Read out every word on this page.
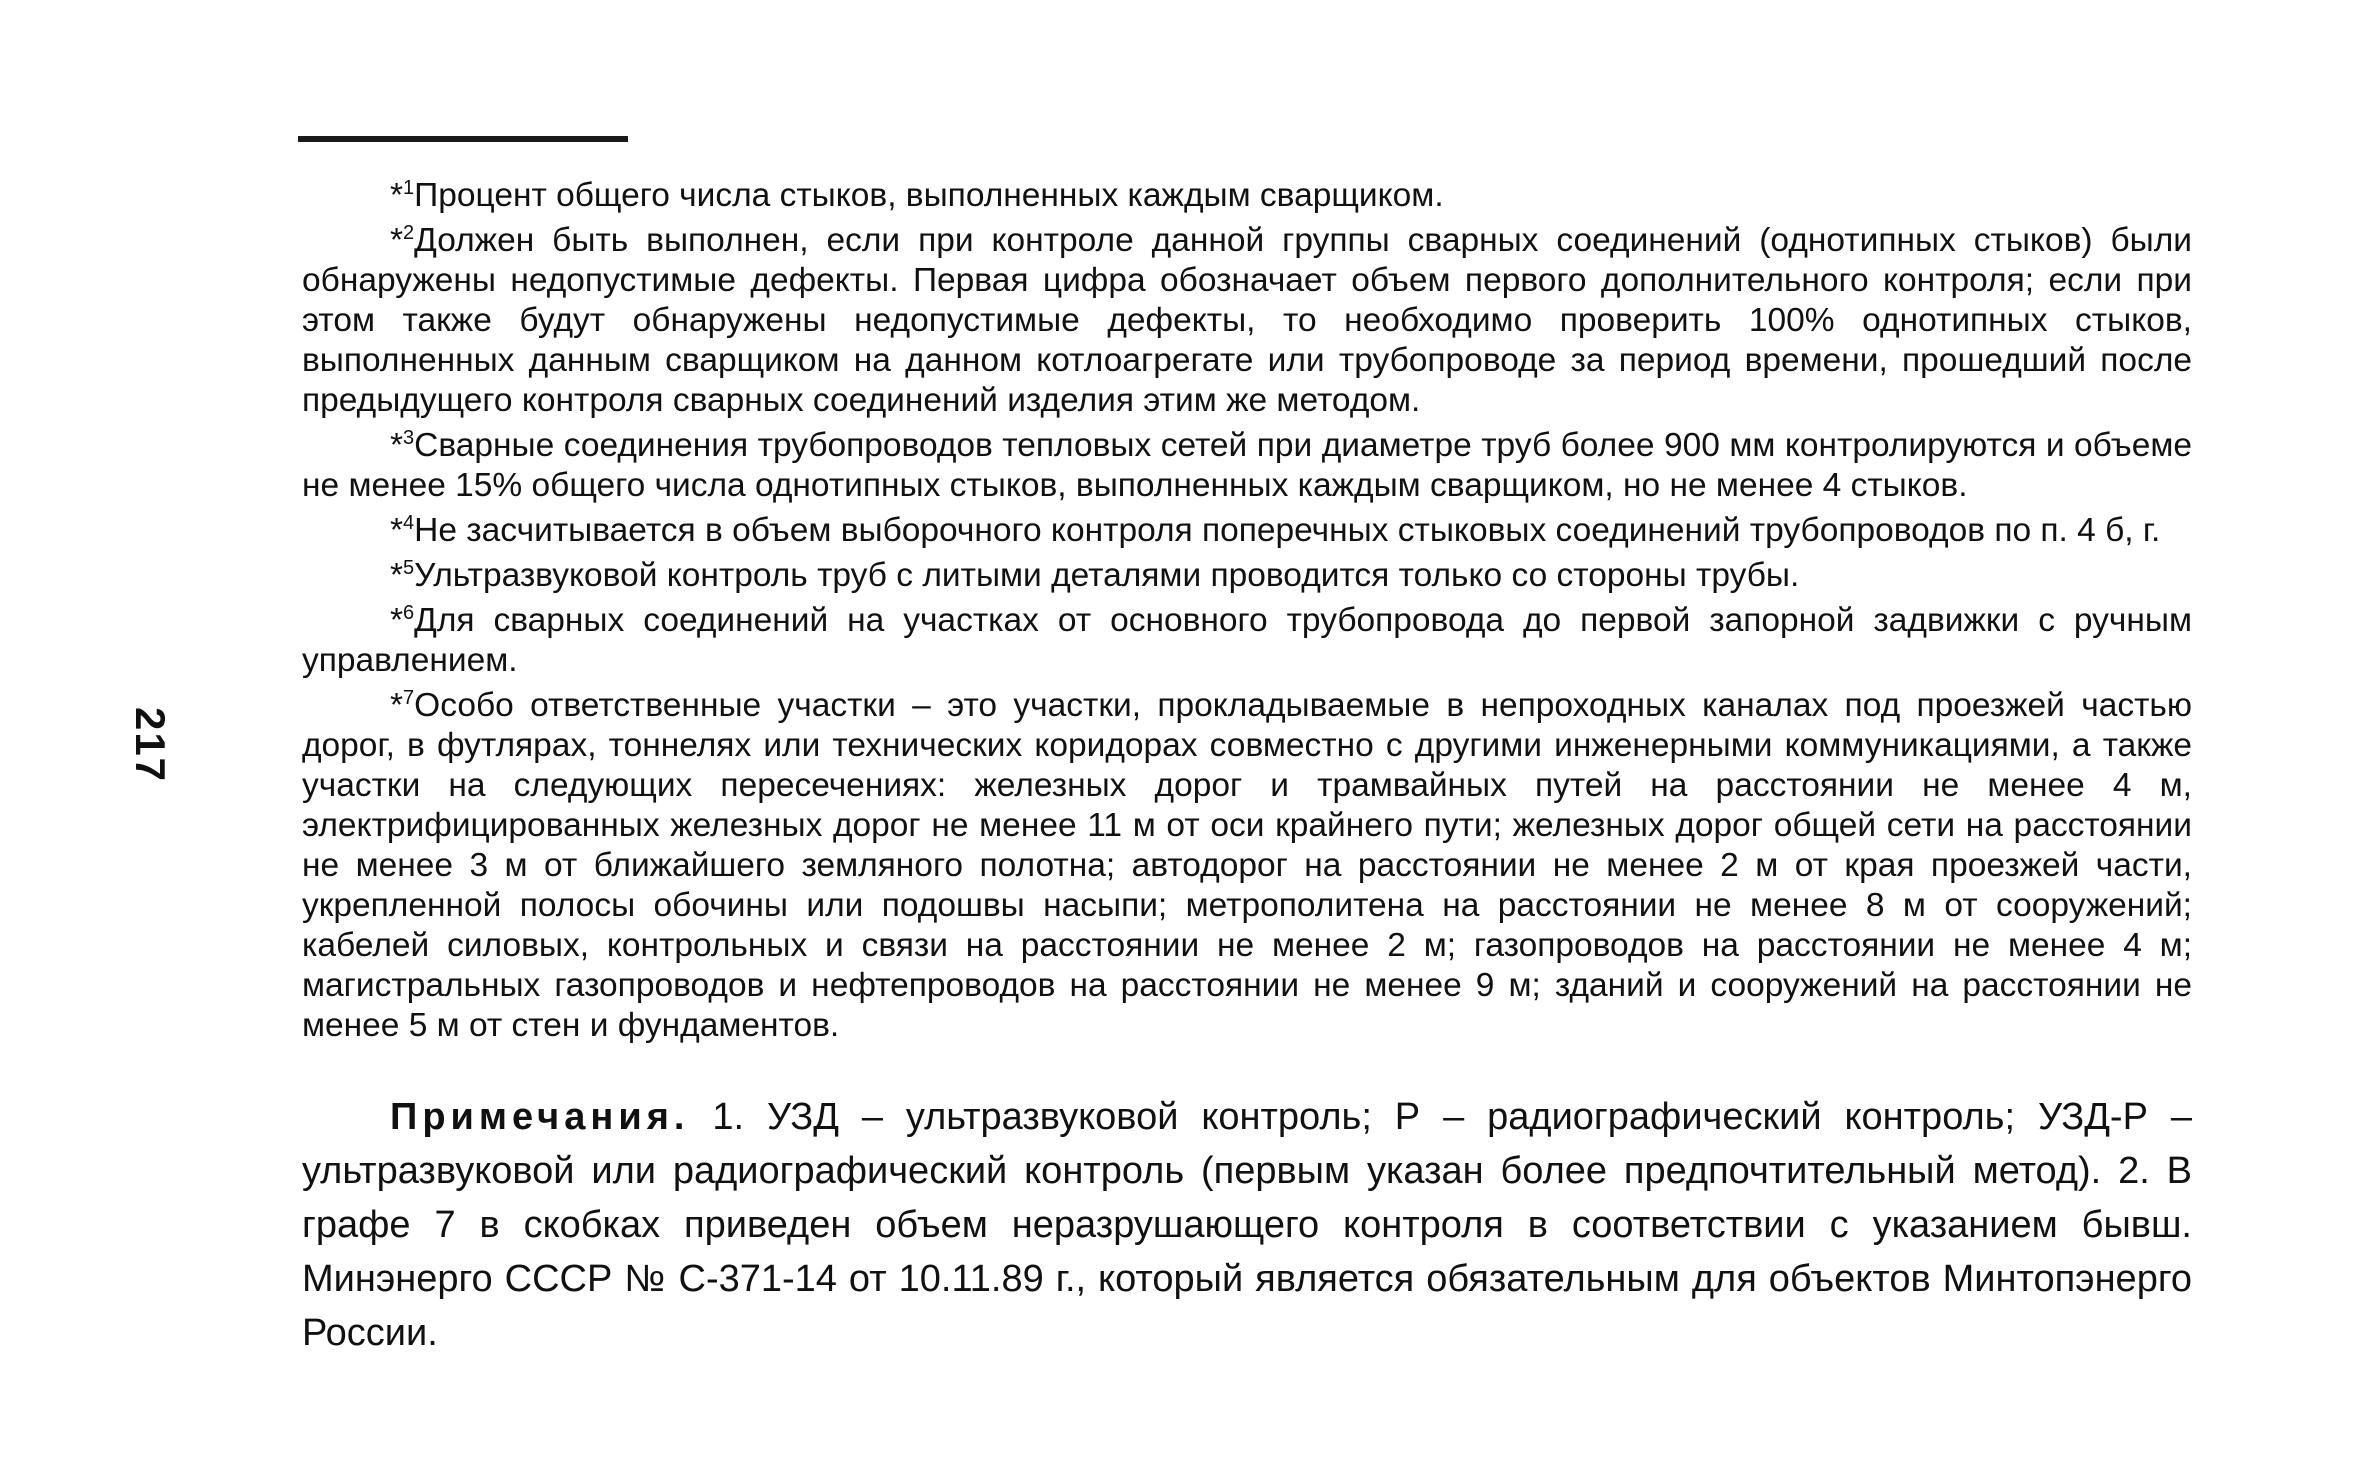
217

*$^1$Процент общего числа стыков, выполненных каждым сварщиком.

*$^2$Должен быть выполнен, если при контроле данной группы сварных соединений (однотипных стыков) были обнаружены недопустимые дефекты. Первая цифра обозначает объем первого дополнительного контроля; если при этом также будут обнаружены недопустимые дефекты, то необходимо проверить 100% однотипных стыков, выполненных данным сварщиком на данном котлоагрегате или трубопроводе за период времени, прошедший после предыдущего контроля сварных соединений изделия этим же методом.

*$^3$Сварные соединения трубопроводов тепловых сетей при диаметре труб более 900 мм контролируются и объеме не менее 15% общего числа однотипных стыков, выполненных каждым сварщиком, но не менее 4 стыков.

*$^4$Не засчитывается в объем выборочного контроля поперечных стыковых соединений трубопроводов по п. 4 б, г.

*$^5$Ультразвуковой контроль труб с литыми деталями проводится только со стороны трубы.

*$^6$Для сварных соединений на участках от основного трубопровода до первой запорной задвижки с ручным управлением.

*$^7$Особо ответственные участки – это участки, прокладываемые в непроходных каналах под проезжей частью дорог, в футлярах, тоннелях или технических коридорах совместно с другими инженерными коммуникациями, а также участки на следующих пересечениях: железных дорог и трамвайных путей на расстоянии не менее 4 м, электрифицированных железных дорог не менее 11 м от оси крайнего пути; железных дорог общей сети на расстоянии не менее 3 м от ближайшего земляного полотна; автодорог на расстоянии не менее 2 м от края проезжей части, укрепленной полосы обочины или подошвы насыпи; метрополитена на расстоянии не менее 8 м от сооружений; кабелей силовых, контрольных и связи на расстоянии не менее 2 м; газопроводов на расстоянии не менее 4 м; магистральных газопроводов и нефтепроводов на расстоянии не менее 9 м; зданий и сооружений на расстоянии не менее 5 м от стен и фундаментов.

Примечания. 1. УЗД – ультразвуковой контроль; Р – радиографический контроль; УЗД-Р – ультразвуковой или радиографический контроль (первым указан более предпочтительный метод). 2. В графе 7 в скобках приведен объем неразрушающего контроля в соответствии с указанием бывш. Минэнерго СССР № С-371-14 от 10.11.89 г., который является обязательным для объектов Минтопэнерго России.
